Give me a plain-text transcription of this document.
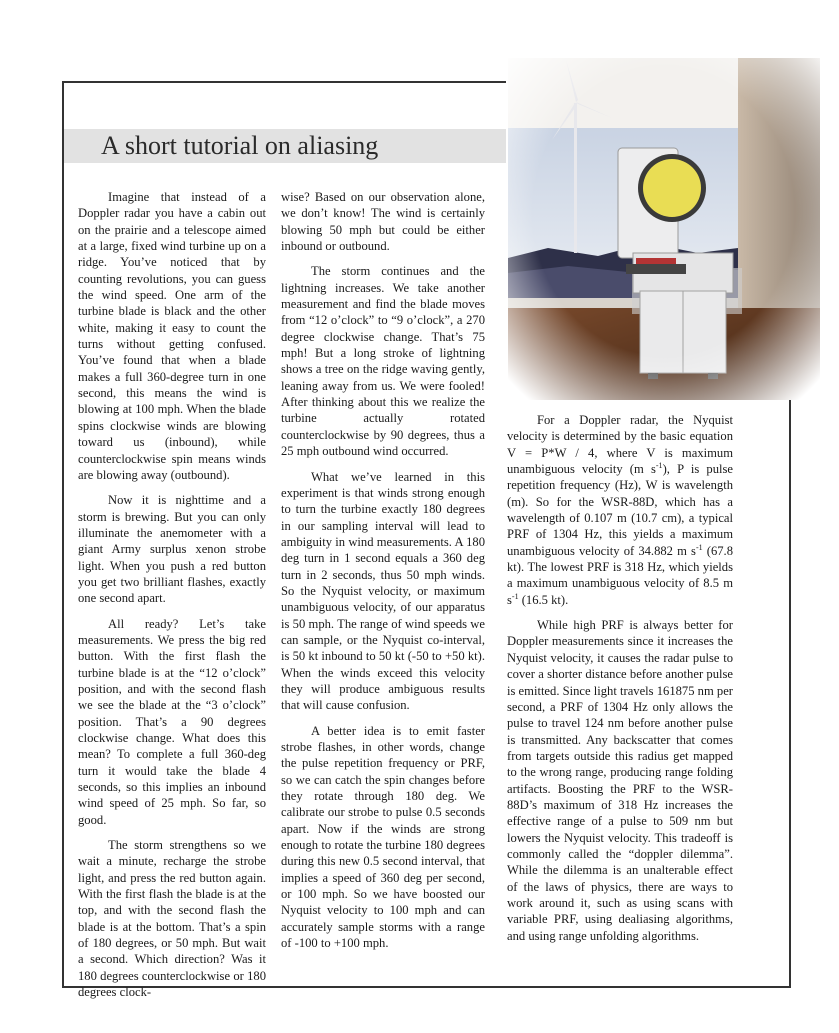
A short tutorial on aliasing

Imagine that instead of a Doppler radar you have a cabin out on the prairie and a telescope aimed at a large, fixed wind turbine up on a ridge. You’ve noticed that by counting revolutions, you can guess the wind speed. One arm of the turbine blade is black and the other white, making it easy to count the turns without getting confused. You’ve found that when a blade makes a full 360-degree turn in one second, this means the wind is blowing at 100 mph. When the blade spins clockwise winds are blowing toward us (inbound), while counterclockwise spin means winds are blowing away (outbound).

Now it is nighttime and a storm is brewing. But you can only illuminate the anemometer with a giant Army surplus xenon strobe light. When you push a red button you get two brilliant flashes, exactly one second apart.

All ready? Let’s take measurements. We press the big red button. With the first flash the turbine blade is at the “12 o’clock” position, and with the second flash we see the blade at the “3 o’clock” position. That’s a 90 degrees clockwise change. What does this mean? To complete a full 360-deg turn it would take the blade 4 seconds, so this implies an inbound wind speed of 25 mph. So far, so good.

The storm strengthens so we wait a minute, recharge the strobe light, and press the red button again. With the first flash the blade is at the top, and with the second flash the blade is at the bottom. That’s a spin of 180 degrees, or 50 mph. But wait a second. Which direction? Was it 180 degrees counterclockwise or 180 degrees clock-

wise? Based on our observation alone, we don’t know! The wind is certainly blowing 50 mph but could be either inbound or outbound.

The storm continues and the lightning increases. We take another measurement and find the blade moves from “12 o’clock” to “9 o’clock”, a 270 degree clockwise change. That’s 75 mph! But a long stroke of lightning shows a tree on the ridge waving gently, leaning away from us. We were fooled! After thinking about this we realize the turbine actually rotated counterclockwise by 90 degrees, thus a 25 mph outbound wind occurred.

What we’ve learned in this experiment is that winds strong enough to turn the turbine exactly 180 degrees in our sampling interval will lead to ambiguity in wind measurements. A 180 deg turn in 1 second equals a 360 deg turn in 2 seconds, thus 50 mph winds. So the Nyquist velocity, or maximum unambiguous velocity, of our apparatus is 50 mph. The range of wind speeds we can sample, or the Nyquist co-interval, is 50 kt inbound to 50 kt (-50 to +50 kt). When the winds exceed this velocity they will produce ambiguous results that will cause confusion.

A better idea is to emit faster strobe flashes, in other words, change the pulse repetition frequency or PRF, so we can catch the spin changes before they rotate through 180 deg. We calibrate our strobe to pulse 0.5 seconds apart. Now if the winds are strong enough to rotate the turbine 180 degrees during this new 0.5 second interval, that implies a speed of 360 deg per second, or 100 mph. So we have boosted our Nyquist velocity to 100 mph and can accurately sample storms with a range of -100 to +100 mph.

For a Doppler radar, the Nyquist velocity is determined by the basic equation V = P*W / 4, where V is maximum unambiguous velocity (m $s^{-1}$), P is pulse repetition frequency (Hz), W is wavelength (m). So for the WSR-88D, which has a wavelength of 0.107 m (10.7 cm), a typical PRF of 1304 Hz, this yields a maximum unambiguous velocity of 34.882 m $s^{-1}$ (67.8 kt). The lowest PRF is 318 Hz, which yields a maximum unambiguous velocity of 8.5 m $s^{-1}$ (16.5 kt).

While high PRF is always better for Doppler measurements since it increases the Nyquist velocity, it causes the radar pulse to cover a shorter distance before another pulse is emitted. Since light travels 161875 nm per second, a PRF of 1304 Hz only allows the pulse to travel 124 nm before another pulse is transmitted. Any backscatter that comes from targets outside this radius get mapped to the wrong range, producing range folding artifacts. Boosting the PRF to the WSR-88D’s maximum of 318 Hz increases the effective range of a pulse to 509 nm but lowers the Nyquist velocity. This tradeoff is commonly called the “doppler dilemma”. While the dilemma is an unalterable effect of the laws of physics, there are ways to work around it, such as using scans with variable PRF, using dealiasing algorithms, and using range unfolding algorithms.
